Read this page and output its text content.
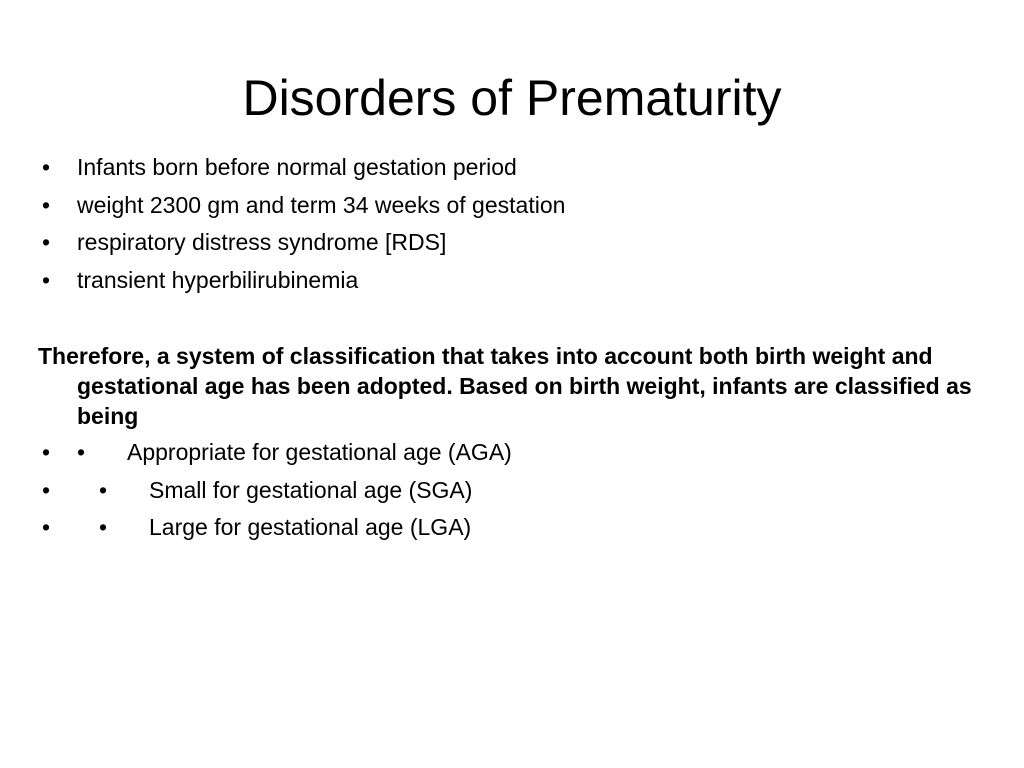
Disorders of Prematurity
•	Infants born before normal gestation period
•	weight 2300 gm and term 34 weeks of gestation
•	respiratory distress syndrome [RDS]
•	transient hyperbilirubinemia

Therefore, a system of classification that takes into account both birth weight and gestational age has been adopted. Based on birth weight, infants are classified as being

•	•	Appropriate for gestational age (AGA)
•	•	Small for gestational age (SGA)
•	•	Large for gestational age (LGA)
